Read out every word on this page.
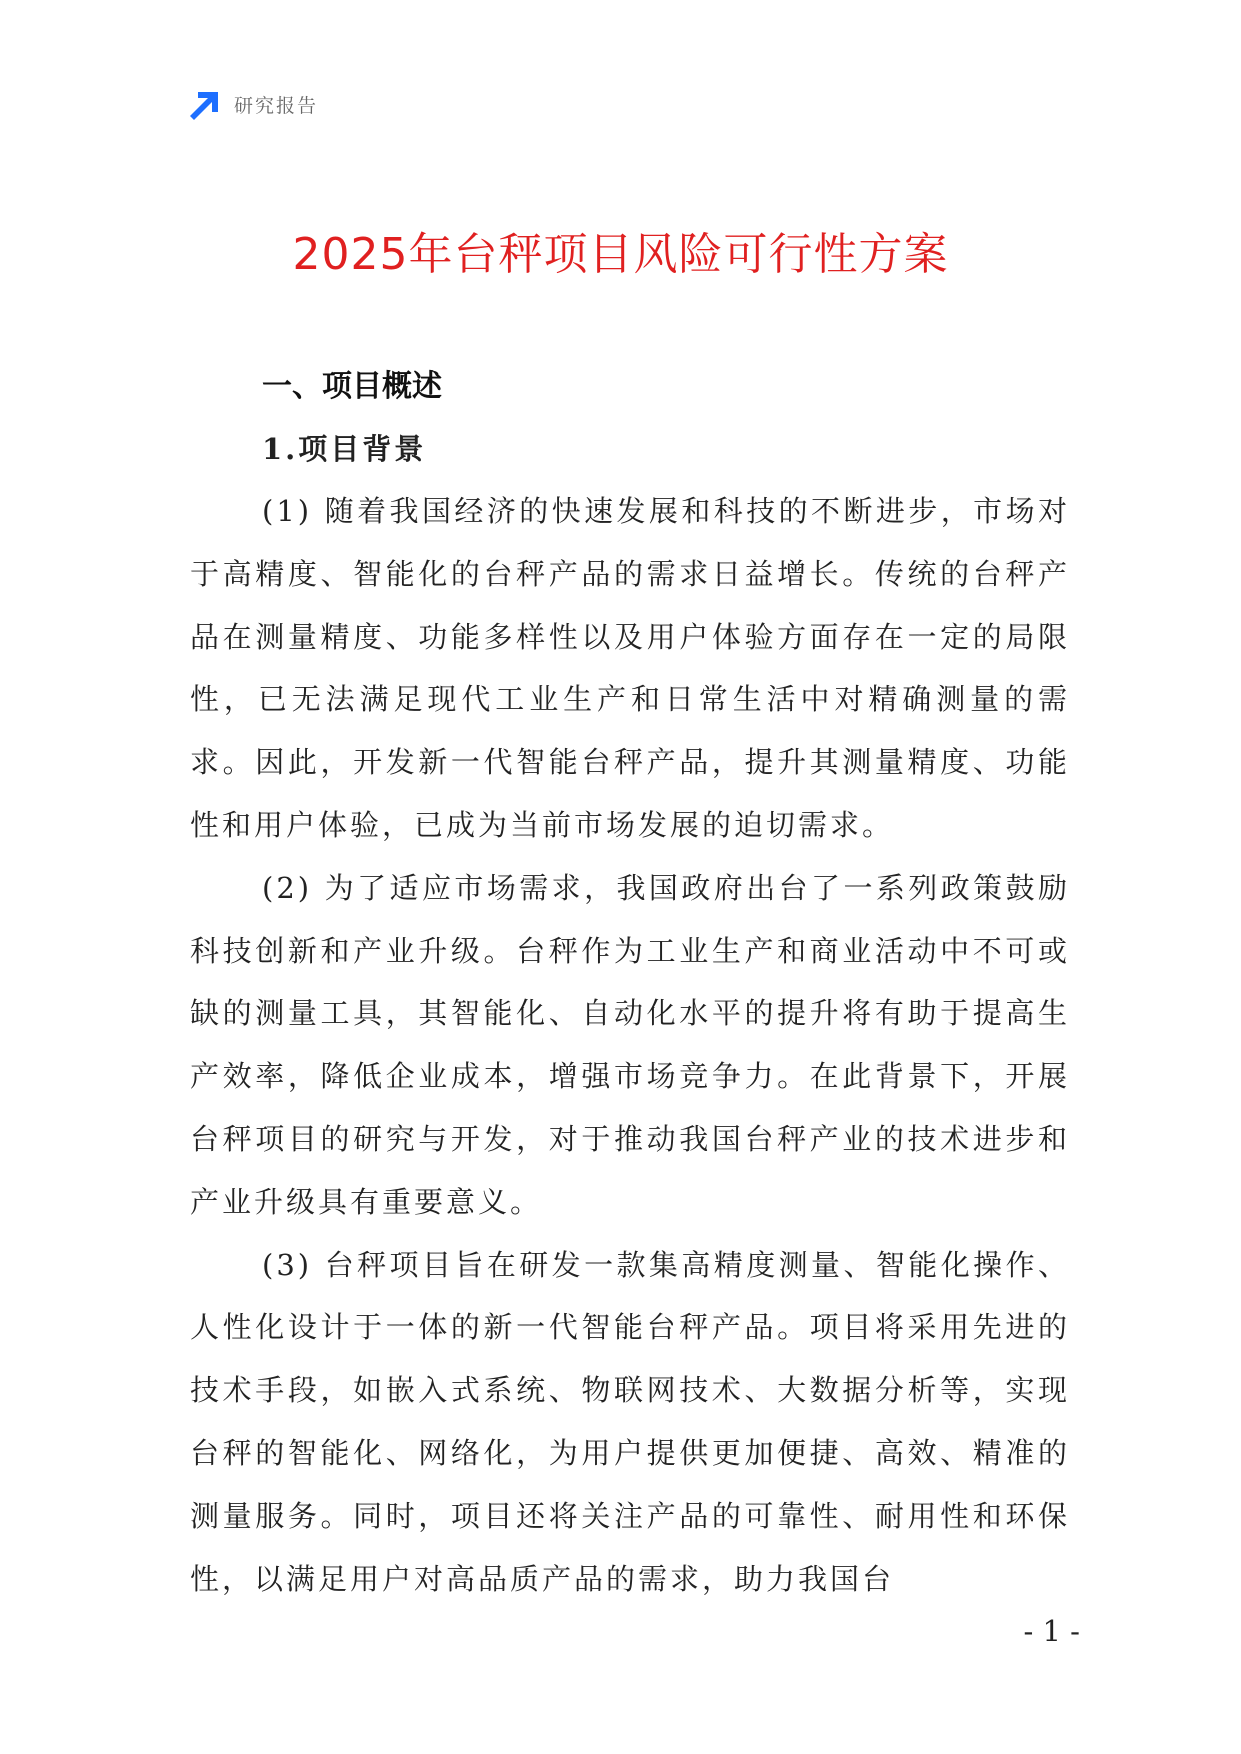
研究报告
2025年台秤项目风险可行性方案
一、项目概述
1.项目背景

(1) 随着我国经济的快速发展和科技的不断进步，市场对于高精度、智能化的台秤产品的需求日益增长。传统的台秤产品在测量精度、功能多样性以及用户体验方面存在一定的局限性，已无法满足现代工业生产和日常生活中对精确测量的需求。因此，开发新一代智能台秤产品，提升其测量精度、功能性和用户体验，已成为当前市场发展的迫切需求。

(2) 为了适应市场需求，我国政府出台了一系列政策鼓励科技创新和产业升级。台秤作为工业生产和商业活动中不可或缺的测量工具，其智能化、自动化水平的提升将有助于提高生产效率，降低企业成本，增强市场竞争力。在此背景下，开展台秤项目的研究与开发，对于推动我国台秤产业的技术进步和产业升级具有重要意义。

(3) 台秤项目旨在研发一款集高精度测量、智能化操作、人性化设计于一体的新一代智能台秤产品。项目将采用先进的技术手段，如嵌入式系统、物联网技术、大数据分析等，实现台秤的智能化、网络化，为用户提供更加便捷、高效、精准的测量服务。同时，项目还将关注产品的可靠性、耐用性和环保性，以满足用户对高品质产品的需求，助力我国台

- 1 -
